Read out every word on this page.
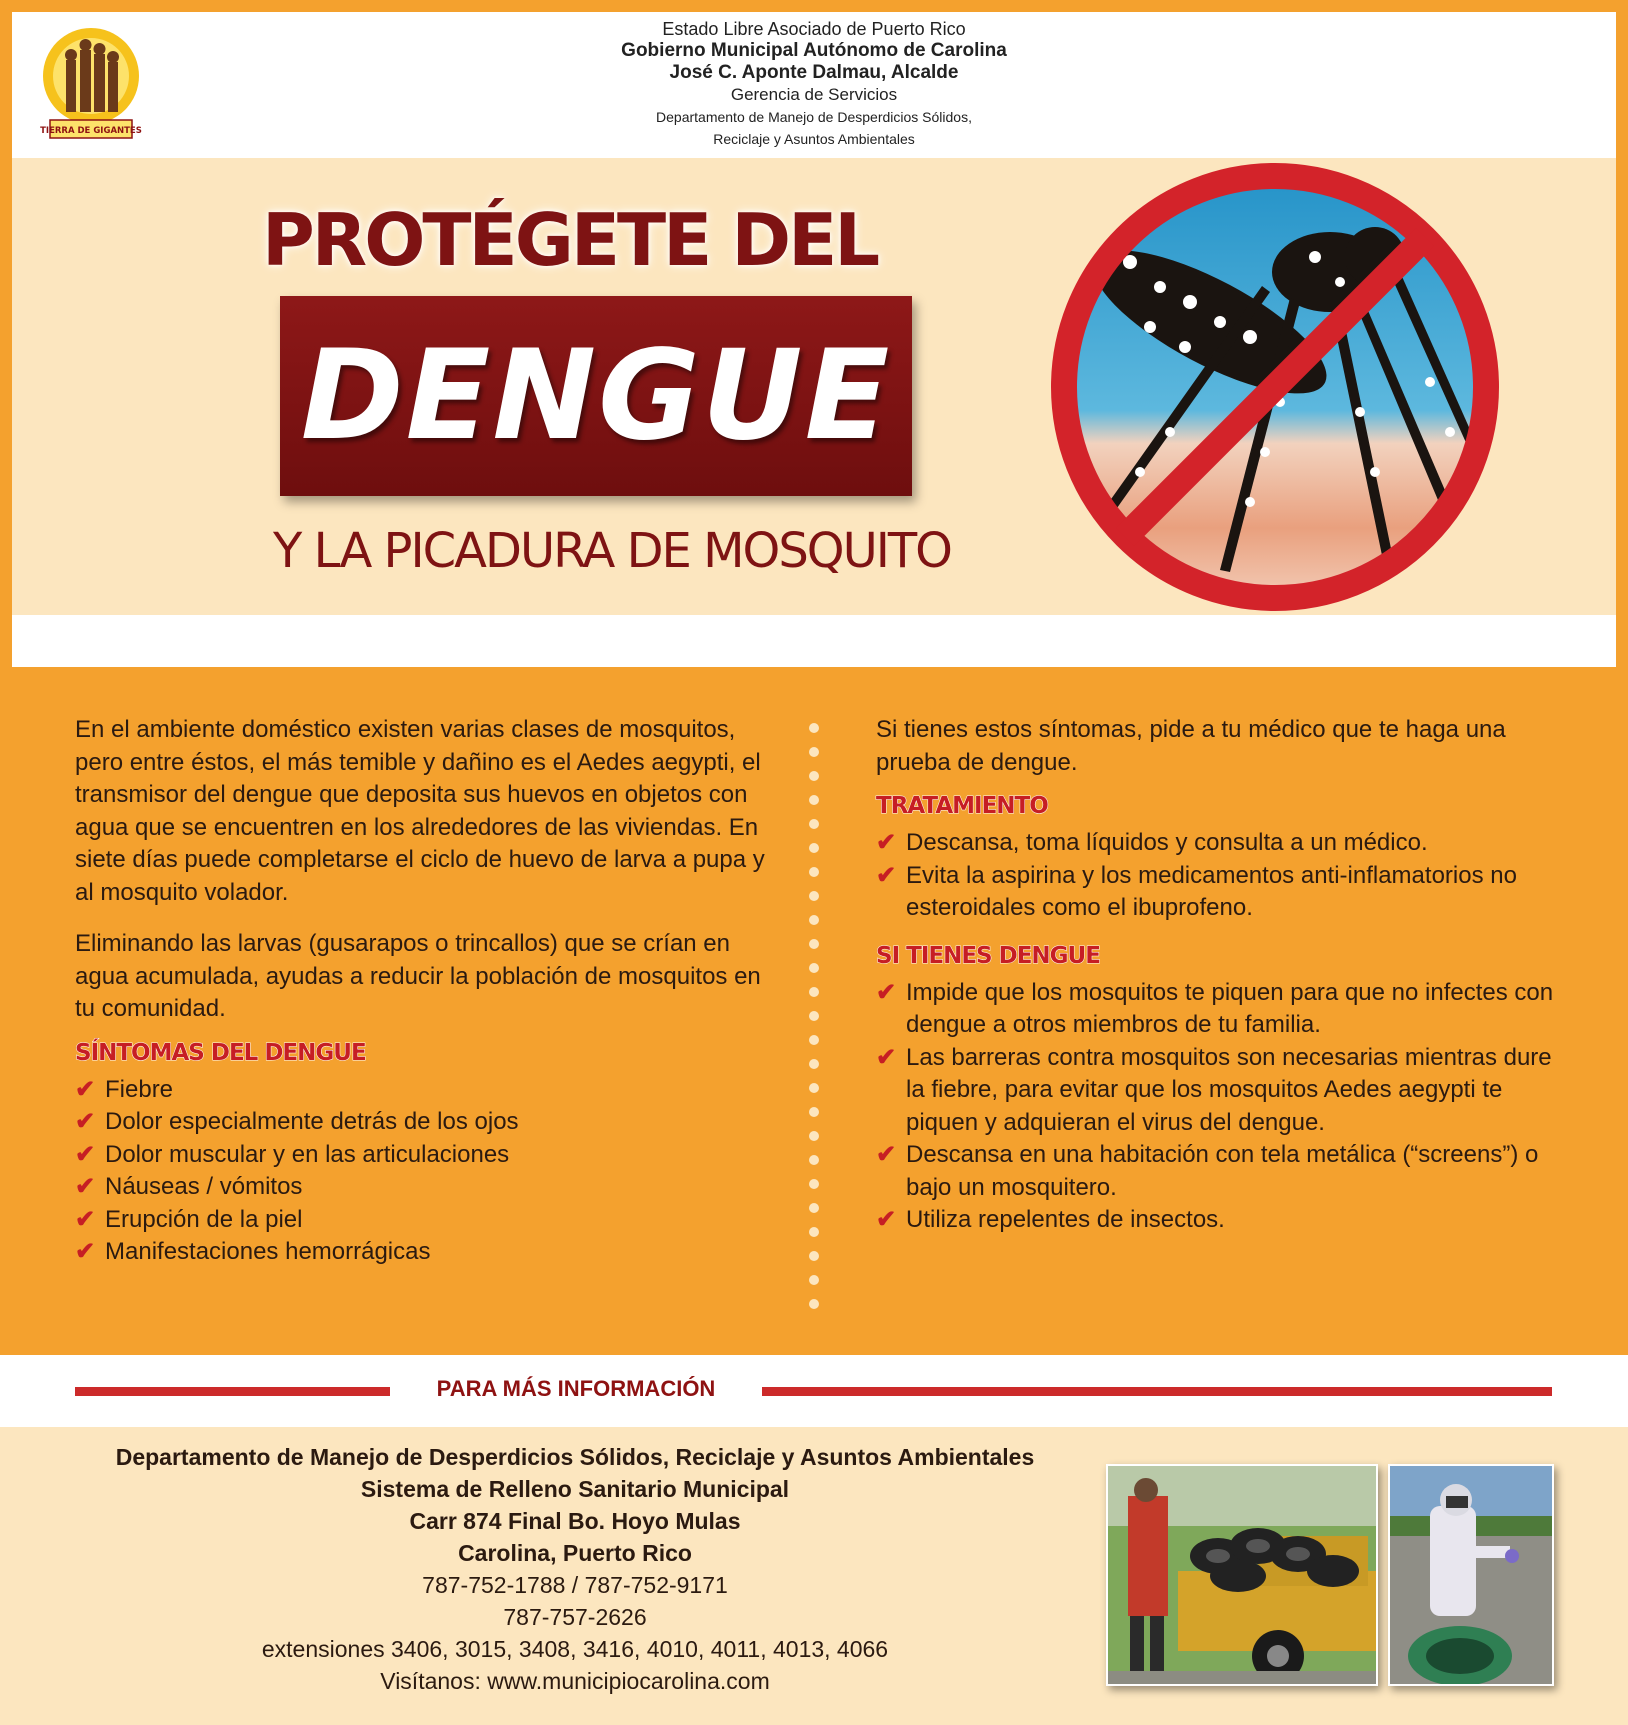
TIERRA DE GIGANTES
Estado Libre Asociado de Puerto Rico
Gobierno Municipal Autónomo de Carolina
José C. Aponte Dalmau, Alcalde
Gerencia de Servicios
Departamento de Manejo de Desperdicios Sólidos,
Reciclaje y Asuntos Ambientales
PROTÉGETE DEL
DENGUE
Y LA PICADURA DE MOSQUITO

En el ambiente doméstico existen varias clases de mosquitos, pero entre éstos, el más temible y dañino es el Aedes aegypti, el transmisor del dengue que deposita sus huevos en objetos con agua que se encuentren en los alrededores de las viviendas. En siete días puede completarse el ciclo de huevo de larva a pupa y al mosquito volador.

Eliminando las larvas (gusarapos o trincallos) que se crían en agua acumulada, ayudas a reducir la población de mosquitos en tu comunidad.

SÍNTOMAS DEL DENGUE
✔ Fiebre
✔ Dolor especialmente detrás de los ojos
✔ Dolor muscular y en las articulaciones
✔ Náuseas / vómitos
✔ Erupción de la piel
✔ Manifestaciones hemorrágicas

Si tienes estos síntomas, pide a tu médico que te haga una prueba de dengue.

TRATAMIENTO
✔ Descansa, toma líquidos y consulta a un médico.
✔ Evita la aspirina y los medicamentos anti-inflamatorios no esteroidales como el ibuprofeno.
SI TIENES DENGUE
✔ Impide que los mosquitos te piquen para que no infectes con dengue a otros miembros de tu familia.
✔ Las barreras contra mosquitos son necesarias mientras dure la fiebre, para evitar que los mosquitos Aedes aegypti te piquen y adquieran el virus del dengue.
✔ Descansa en una habitación con tela metálica (“screens”) o bajo un mosquitero.
✔ Utiliza repelentes de insectos.
PARA MÁS INFORMACIÓN
Departamento de Manejo de Desperdicios Sólidos, Reciclaje y Asuntos Ambientales
Sistema de Relleno Sanitario Municipal
Carr 874 Final Bo. Hoyo Mulas
Carolina, Puerto Rico
787-752-1788 / 787-752-9171
787-757-2626
extensiones 3406, 3015, 3408, 3416, 4010, 4011, 4013, 4066
Visítanos: www.municipiocarolina.com
